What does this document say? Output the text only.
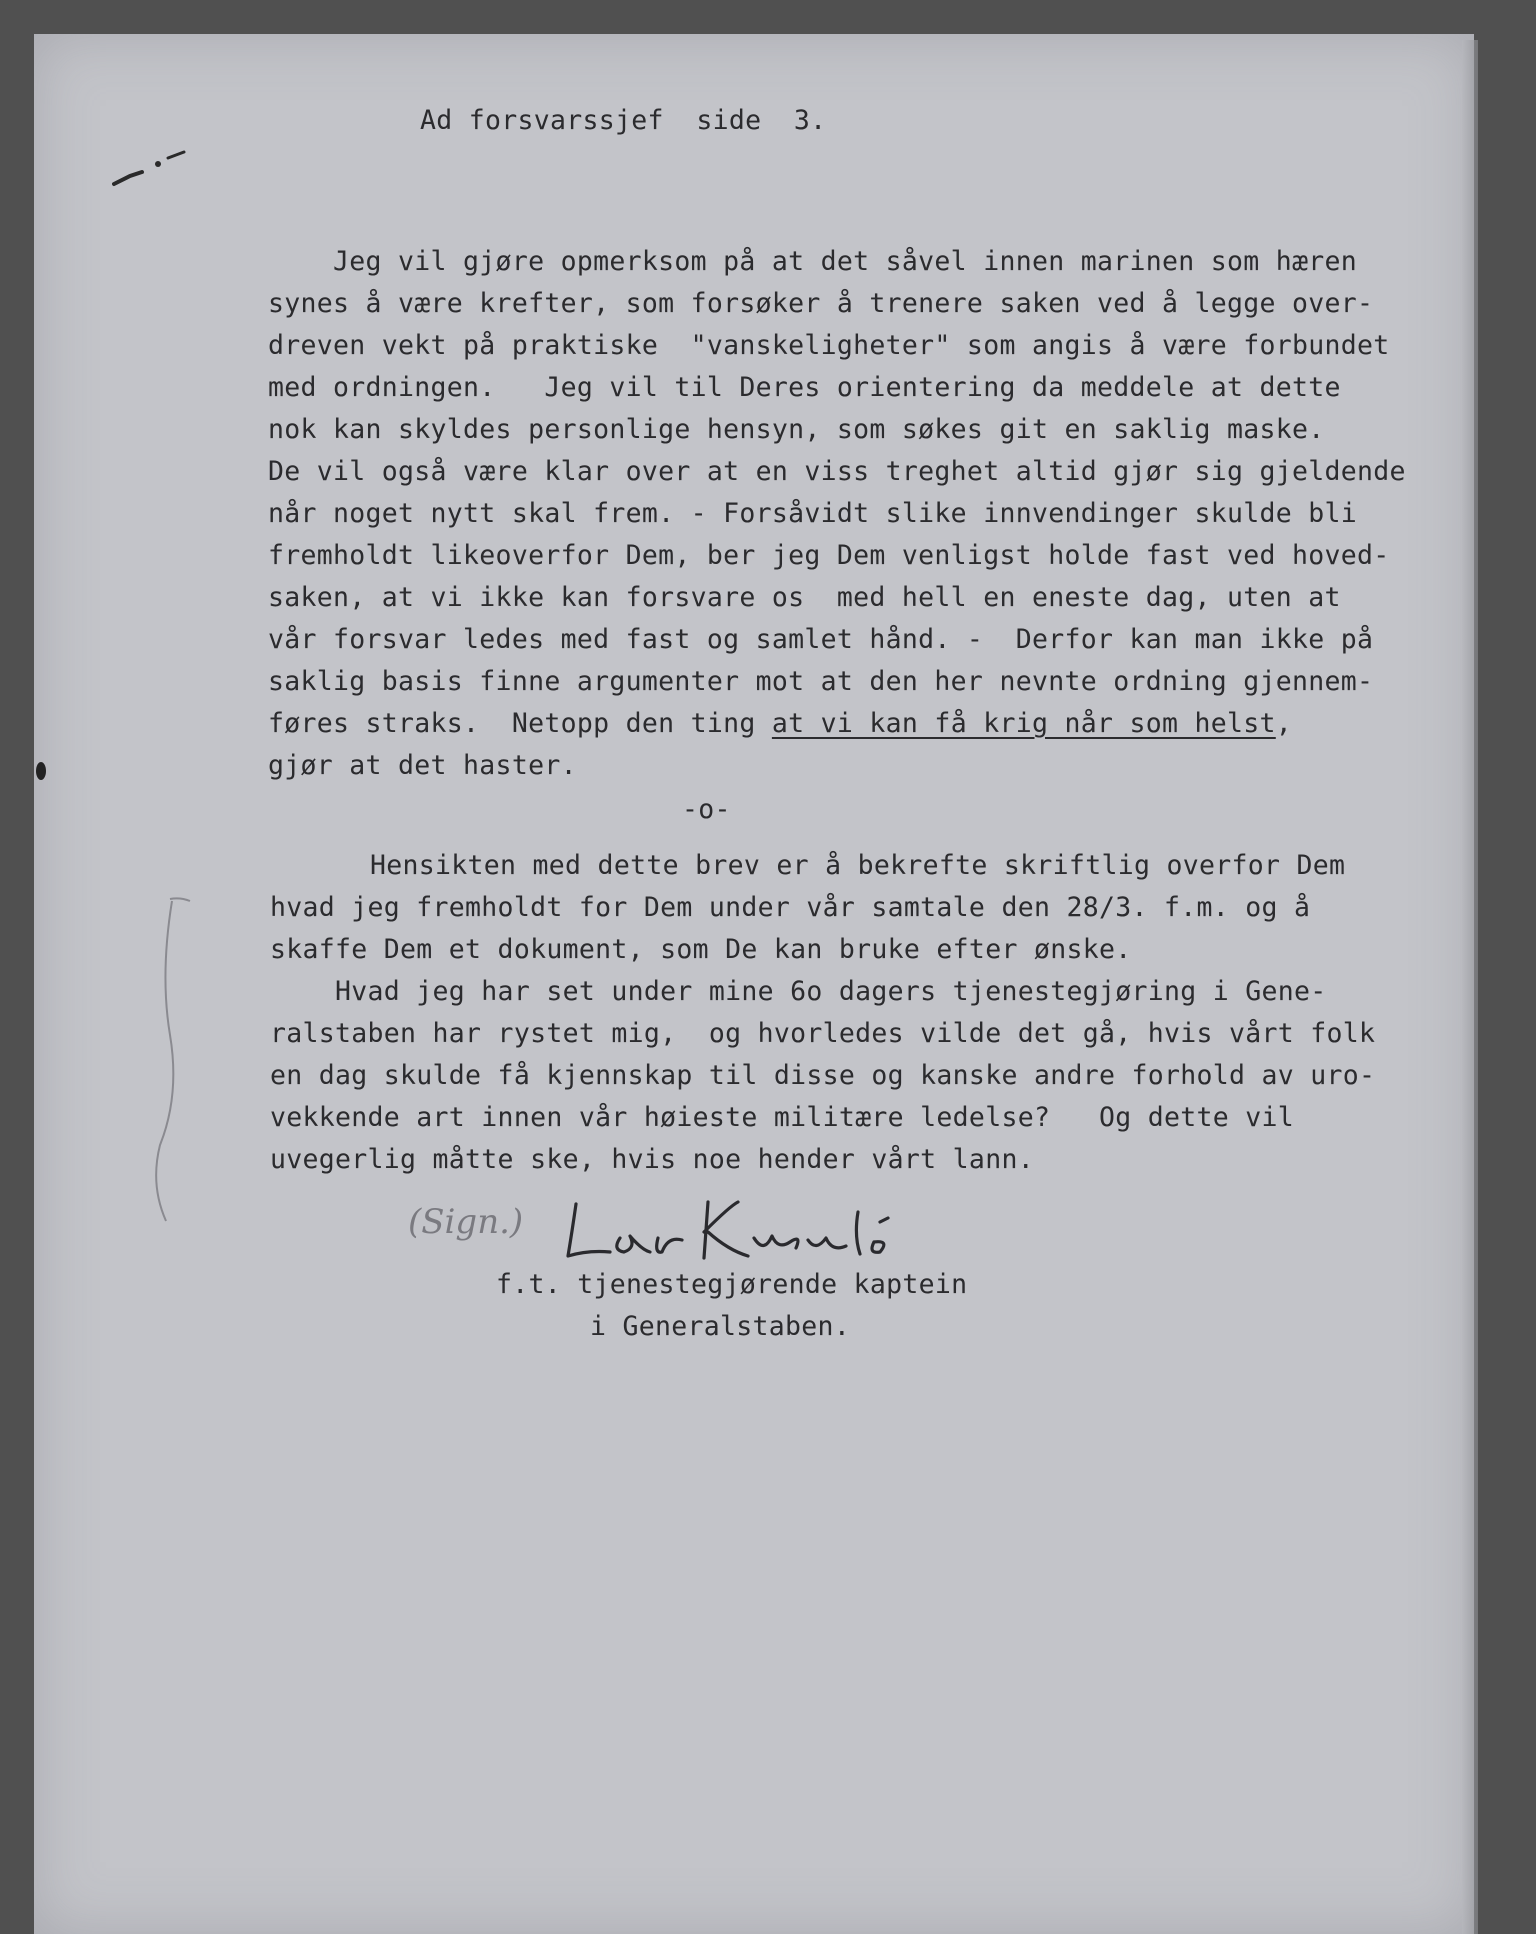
Ad forsvarssjef  side  3.
Jeg vil gjøre opmerksom på at det såvel innen marinen som hæren
synes å være krefter, som forsøker å trenere saken ved å legge over-
dreven vekt på praktiske  "vanskeligheter" som angis å være forbundet
med ordningen.   Jeg vil til Deres orientering da meddele at dette
nok kan skyldes personlige hensyn, som søkes git en saklig maske.
De vil også være klar over at en viss treghet altid gjør sig gjeldende
når noget nytt skal frem. - Forsåvidt slike innvendinger skulde bli
fremholdt likeoverfor Dem, ber jeg Dem venligst holde fast ved hoved-
saken, at vi ikke kan forsvare os  med hell en eneste dag, uten at
vår forsvar ledes med fast og samlet hånd. -  Derfor kan man ikke på
saklig basis finne argumenter mot at den her nevnte ordning gjennem-
føres straks.  Netopp den ting at vi kan få krig når som helst,
gjør at det haster.
-o-
Hensikten med dette brev er å bekrefte skriftlig overfor Dem
hvad jeg fremholdt for Dem under vår samtale den 28/3. f.m. og å
skaffe Dem et dokument, som De kan bruke efter ønske.
Hvad jeg har set under mine 6o dagers tjenestegjøring i Gene-
ralstaben har rystet mig,  og hvorledes vilde det gå, hvis vårt folk
en dag skulde få kjennskap til disse og kanske andre forhold av uro-
vekkende art innen vår høieste militære ledelse?   Og dette vil
uvegerlig måtte ske, hvis noe hender vårt lann.
f.t. tjenestegjørende kaptein
i Generalstaben.
(Sign.)
